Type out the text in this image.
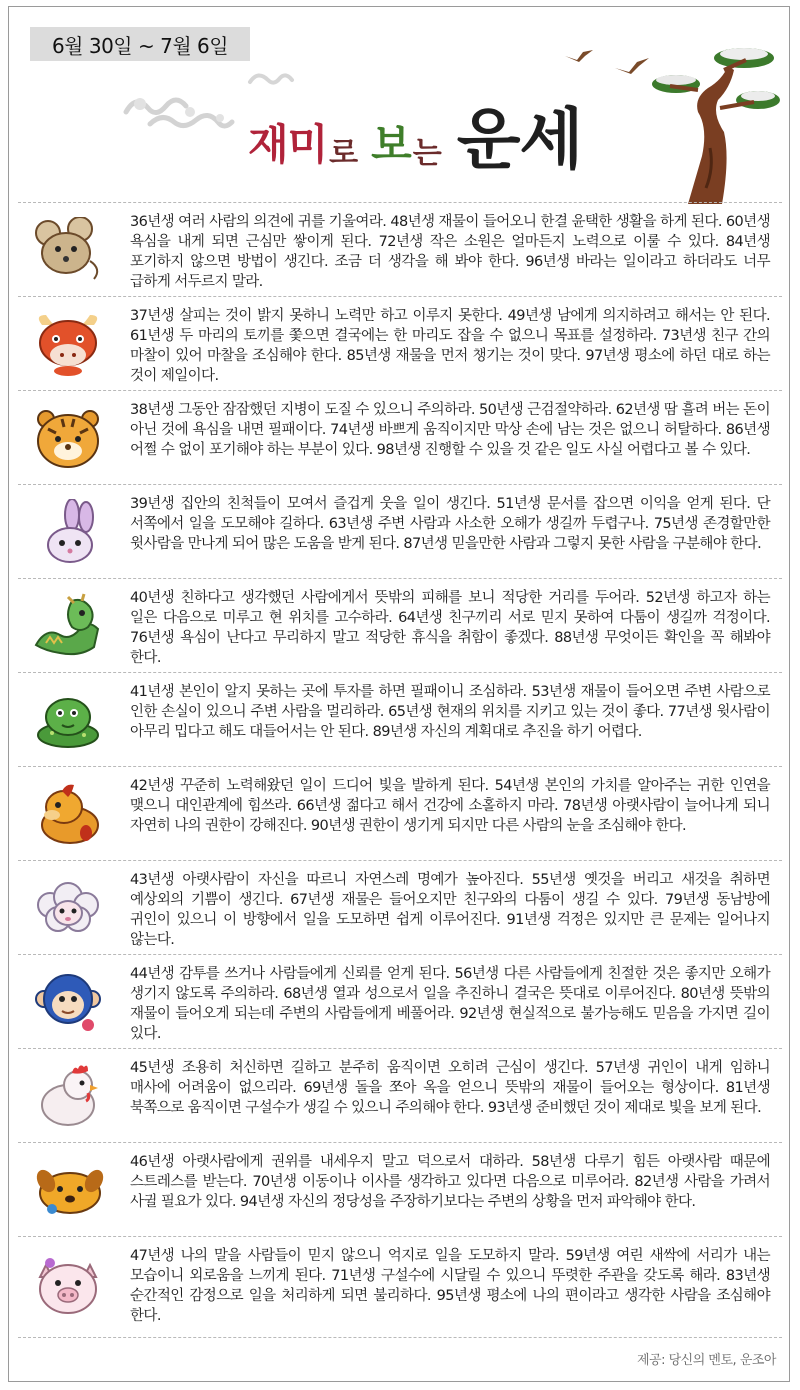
6월 30일 ~ 7월 6일
재미 로 보 는 운세
36년생 여러 사람의 의견에 귀를 기울여라. 48년생 재물이 들어오니 한결 윤택한 생활을 하게 된다. 60년생 욕심을 내게 되면 근심만 쌓이게 된다. 72년생 작은 소원은 얼마든지 노력으로 이룰 수 있다. 84년생 포기하지 않으면 방법이 생긴다. 조금 더 생각을 해 봐야 한다. 96년생 바라는 일이라고 하더라도 너무 급하게 서두르지 말라.
37년생 살피는 것이 밝지 못하니 노력만 하고 이루지 못한다. 49년생 남에게 의지하려고 해서는 안 된다. 61년생 두 마리의 토끼를 쫓으면 결국에는 한 마리도 잡을 수 없으니 목표를 설정하라. 73년생 친구 간의 마찰이 있어 마찰을 조심해야 한다. 85년생 재물을 먼저 챙기는 것이 맞다. 97년생 평소에 하던 대로 하는 것이 제일이다.
38년생 그동안 잠잠했던 지병이 도질 수 있으니 주의하라. 50년생 근검절약하라. 62년생 땀 흘려 버는 돈이 아닌 것에 욕심을 내면 필패이다. 74년생 바쁘게 움직이지만 막상 손에 남는 것은 없으니 허탈하다. 86년생 어쩔 수 없이 포기해야 하는 부분이 있다. 98년생 진행할 수 있을 것 같은 일도 사실 어렵다고 볼 수 있다.
39년생 집안의 친척들이 모여서 즐겁게 웃을 일이 생긴다. 51년생 문서를 잡으면 이익을 얻게 된다. 단 서쪽에서 일을 도모해야 길하다. 63년생 주변 사람과 사소한 오해가 생길까 두렵구나. 75년생 존경할만한 윗사람을 만나게 되어 많은 도움을 받게 된다. 87년생 믿을만한 사람과 그렇지 못한 사람을 구분해야 한다.
40년생 친하다고 생각했던 사람에게서 뜻밖의 피해를 보니 적당한 거리를 두어라. 52년생 하고자 하는 일은 다음으로 미루고 현 위치를 고수하라. 64년생 친구끼리 서로 믿지 못하여 다툼이 생길까 걱정이다. 76년생 욕심이 난다고 무리하지 말고 적당한 휴식을 취함이 좋겠다. 88년생 무엇이든 확인을 꼭 해봐야 한다.
41년생 본인이 알지 못하는 곳에 투자를 하면 필패이니 조심하라. 53년생 재물이 들어오면 주변 사람으로 인한 손실이 있으니 주변 사람을 멀리하라. 65년생 현재의 위치를 지키고 있는 것이 좋다. 77년생 윗사람이 아무리 밉다고 해도 대들어서는 안 된다. 89년생 자신의 계획대로 추진을 하기 어렵다.
42년생 꾸준히 노력해왔던 일이 드디어 빛을 발하게 된다. 54년생 본인의 가치를 알아주는 귀한 인연을 맺으니 대인관계에 힘쓰라. 66년생 젊다고 해서 건강에 소홀하지 마라. 78년생 아랫사람이 늘어나게 되니 자연히 나의 권한이 강해진다. 90년생 권한이 생기게 되지만 다른 사람의 눈을 조심해야 한다.
43년생 아랫사람이 자신을 따르니 자연스레 명예가 높아진다. 55년생 옛것을 버리고 새것을 취하면 예상외의 기쁨이 생긴다. 67년생 재물은 들어오지만 친구와의 다툼이 생길 수 있다. 79년생 동남방에 귀인이 있으니 이 방향에서 일을 도모하면 쉽게 이루어진다. 91년생 걱정은 있지만 큰 문제는 일어나지 않는다.
44년생 감투를 쓰거나 사람들에게 신뢰를 얻게 된다. 56년생 다른 사람들에게 친절한 것은 좋지만 오해가 생기지 않도록 주의하라. 68년생 열과 성으로서 일을 추진하니 결국은 뜻대로 이루어진다. 80년생 뜻밖의 재물이 들어오게 되는데 주변의 사람들에게 베풀어라. 92년생 현실적으로 불가능해도 믿음을 가지면 길이 있다.
45년생 조용히 처신하면 길하고 분주히 움직이면 오히려 근심이 생긴다. 57년생 귀인이 내게 임하니 매사에 어려움이 없으리라. 69년생 돌을 쪼아 옥을 얻으니 뜻밖의 재물이 들어오는 형상이다. 81년생 북쪽으로 움직이면 구설수가 생길 수 있으니 주의해야 한다. 93년생 준비했던 것이 제대로 빛을 보게 된다.
46년생 아랫사람에게 권위를 내세우지 말고 덕으로서 대하라. 58년생 다루기 힘든 아랫사람 때문에 스트레스를 받는다. 70년생 이동이나 이사를 생각하고 있다면 다음으로 미루어라. 82년생 사람을 가려서 사귈 필요가 있다. 94년생 자신의 정당성을 주장하기보다는 주변의 상황을 먼저 파악해야 한다.
47년생 나의 말을 사람들이 믿지 않으니 억지로 일을 도모하지 말라. 59년생 여린 새싹에 서리가 내는 모습이니 외로움을 느끼게 된다. 71년생 구설수에 시달릴 수 있으니 뚜렷한 주관을 갖도록 해라. 83년생 순간적인 감정으로 일을 처리하게 되면 불리하다. 95년생 평소에 나의 편이라고 생각한 사람을 조심해야 한다.
제공: 당신의 멘토, 운조아
